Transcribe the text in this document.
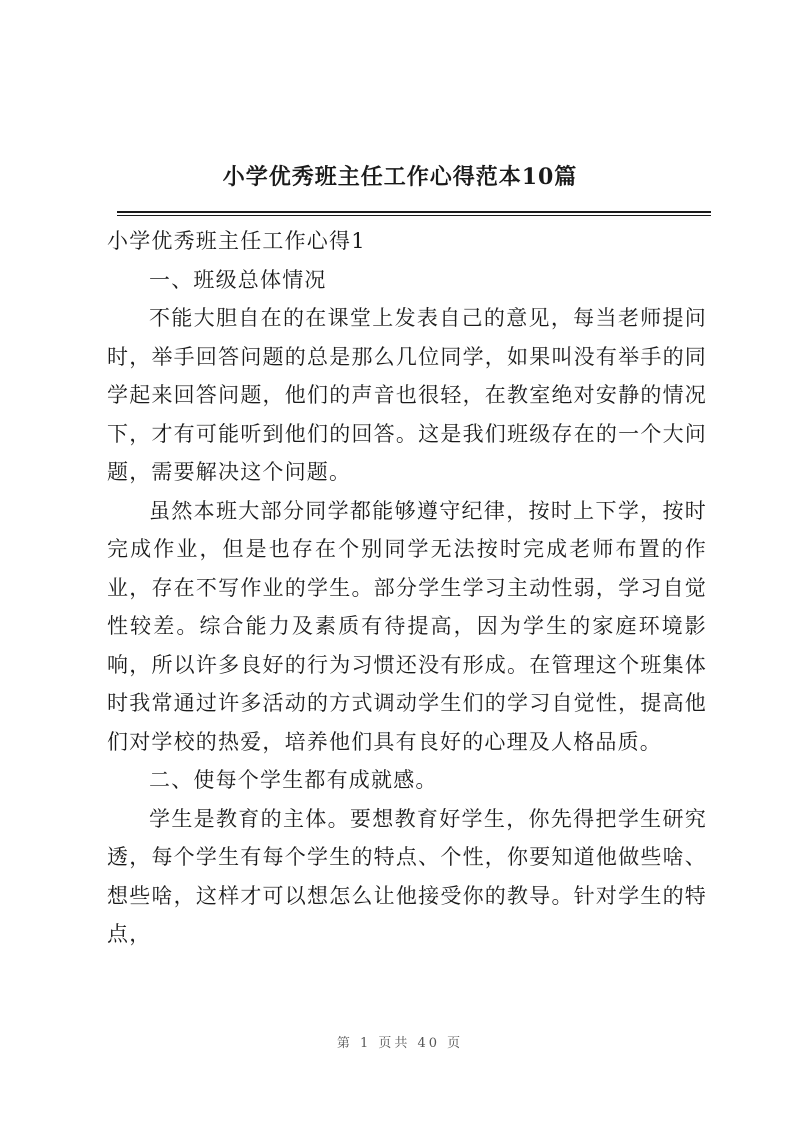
小学优秀班主任工作心得范本10篇

小学优秀班主任工作心得1

一、班级总体情况

不能大胆自在的在课堂上发表自己的意见，每当老师提问时，举手回答问题的总是那么几位同学，如果叫没有举手的同学起来回答问题，他们的声音也很轻，在教室绝对安静的情况下，才有可能听到他们的回答。这是我们班级存在的一个大问题，需要解决这个问题。

虽然本班大部分同学都能够遵守纪律，按时上下学，按时完成作业，但是也存在个别同学无法按时完成老师布置的作业，存在不写作业的学生。部分学生学习主动性弱，学习自觉性较差。综合能力及素质有待提高，因为学生的家庭环境影响，所以许多良好的行为习惯还没有形成。在管理这个班集体时我常通过许多活动的方式调动学生们的学习自觉性，提高他们对学校的热爱，培养他们具有良好的心理及人格品质。

二、使每个学生都有成就感。

学生是教育的主体。要想教育好学生，你先得把学生研究透，每个学生有每个学生的特点、个性，你要知道他做些啥、想些啥，这样才可以想怎么让他接受你的教导。针对学生的特点，

第 1 页共 40 页
